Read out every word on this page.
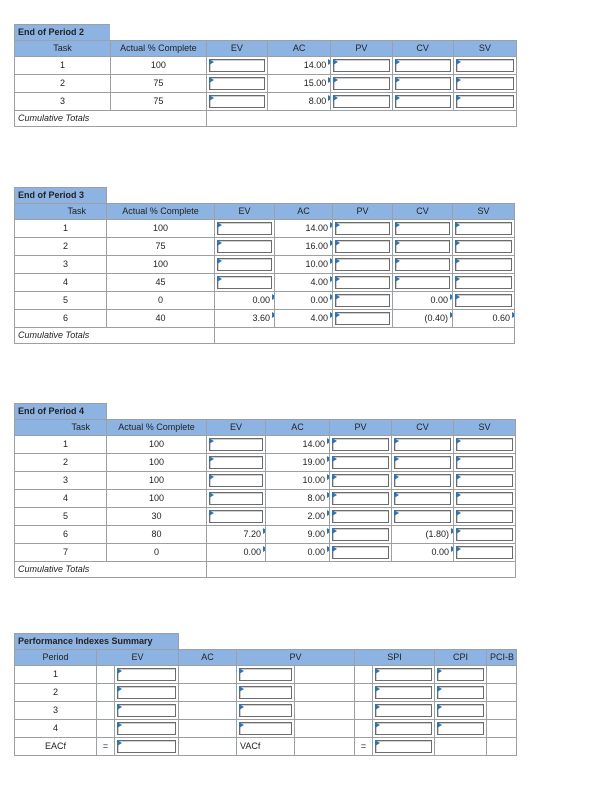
End of Period 2						
Task	Actual % Complete	EV	AC	PV	CV	SV
1	100		14.00			

2	75		15.00			

3	75		8.00			

Cumulative Totals						
End of Period 3						
Task	Actual % Complete	EV	AC	PV	CV	SV
1	100		14.00			

2	75		16.00			

3	100		10.00			

4	45		4.00			

5	0	0.00	0.00		0.00	

6	40	3.60	4.00		(0.40)	0.60

Cumulative Totals						
End of Period 4						
Task	Actual % Complete	EV	AC	PV	CV	SV
1	100		14.00			

2	100		19.00			

3	100		10.00			

4	100		8.00			

5	30		2.00			

6	80	7.20	9.00		(1.80)	

7	0	0.00	0.00		0.00	

Cumulative Totals						
Performance Indexes Summary									
Period	EV		AC	PV		SPI		CPI	PCI-B
1		

2		

3		

4		

EACf	=			VACf		=	
